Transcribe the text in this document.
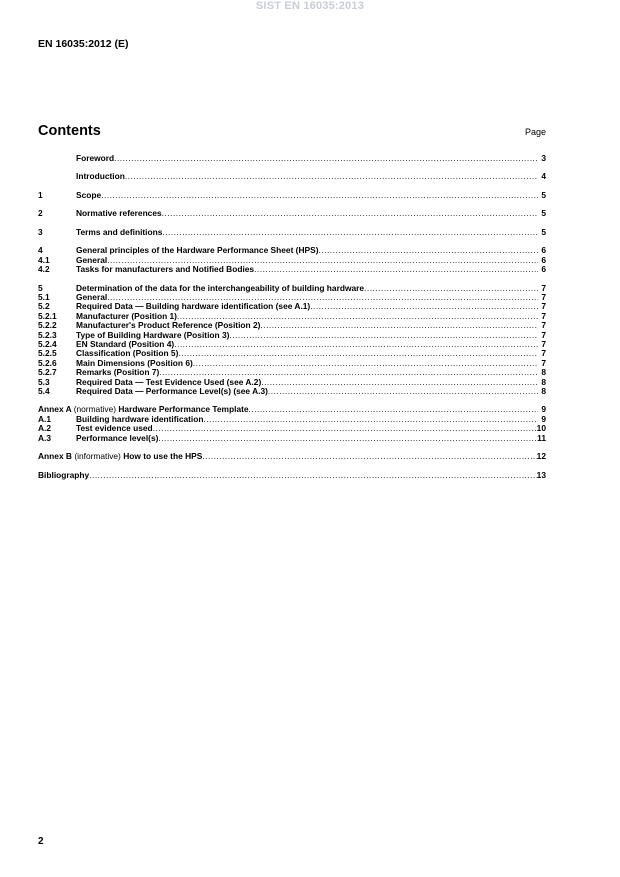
SIST EN 16035:2013
EN 16035:2012 (E)
Contents	Page
Foreword .....	3
Introduction .....	4
1	Scope .....	5
2	Normative references .....	5
3	Terms and definitions .....	5
4	General principles of the Hardware Performance Sheet (HPS) .....	6
4.1	General .....	6
4.2	Tasks for manufacturers and Notified Bodies .....	6
5	Determination of the data for the interchangeability of building hardware .....	7
5.1	General .....	7
5.2	Required Data — Building hardware identification (see A.1) .....	7
5.2.1	Manufacturer (Position 1) .....	7
5.2.2	Manufacturer's Product Reference (Position 2) .....	7
5.2.3	Type of Building Hardware (Position 3) .....	7
5.2.4	EN Standard (Position 4) .....	7
5.2.5	Classification (Position 5) .....	7
5.2.6	Main Dimensions (Position 6) .....	7
5.2.7	Remarks (Position 7) .....	8
5.3	Required Data — Test Evidence Used (see A.2) .....	8
5.4	Required Data — Performance Level(s) (see A.3) .....	8
Annex A (normative) Hardware Performance Template .....	9
A.1	Building hardware identification .....	9
A.2	Test evidence used .....	10
A.3	Performance level(s) .....	11
Annex B (informative) How to use the HPS .....	12
Bibliography .....	13
2
